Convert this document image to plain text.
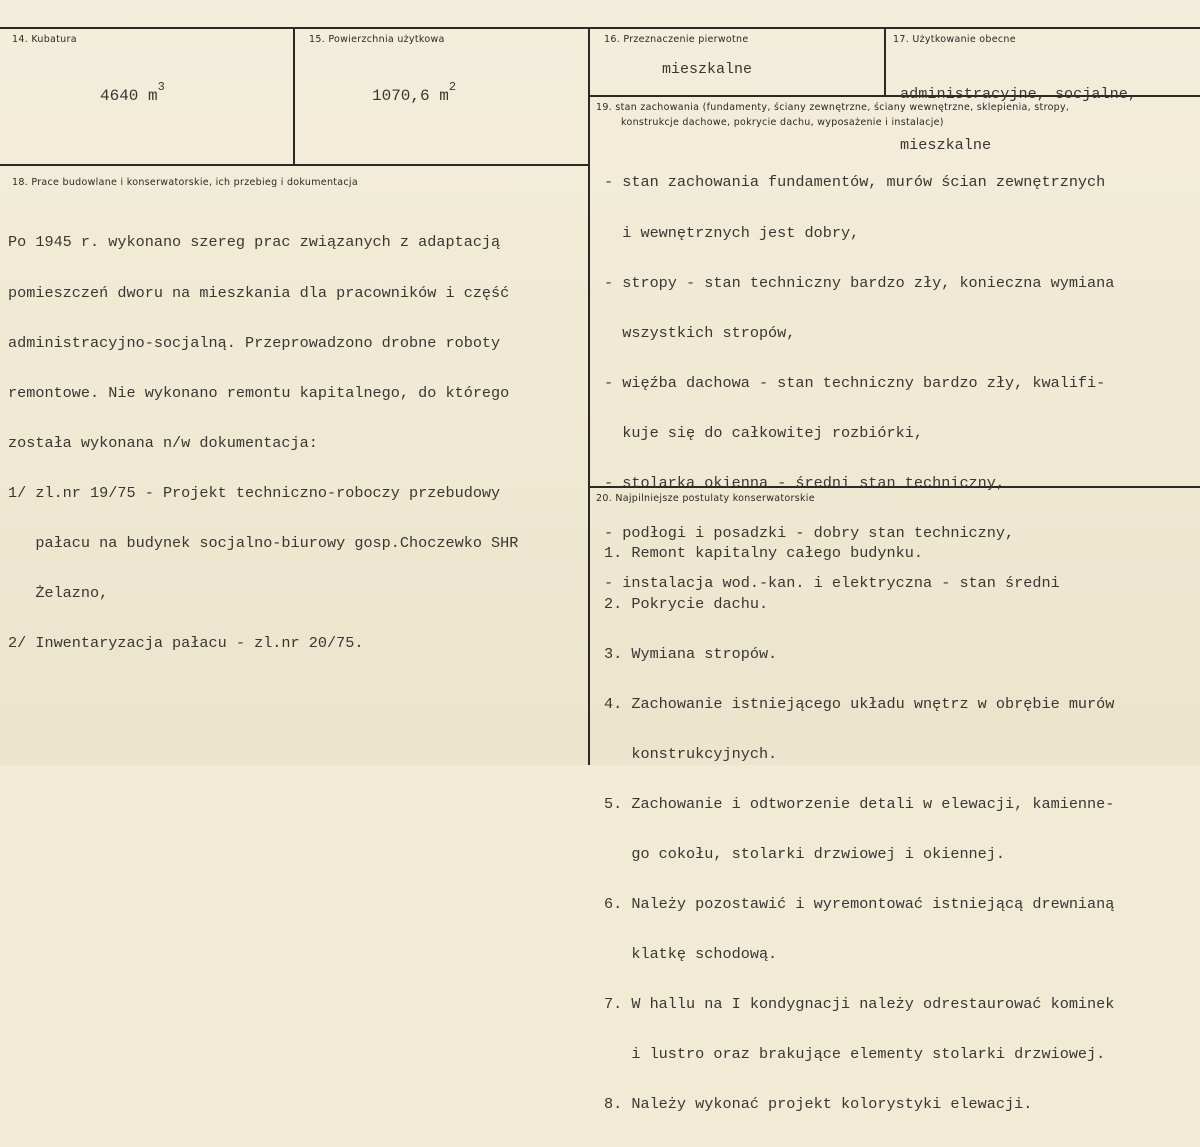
14. Kubatura
4640 $m^3$
15. Powierzchnia użytkowa
1070,6 $m^2$
16. Przeznaczenie pierwotne
mieszkalne
17. Użytkowanie obecne

administracyjne, socjalne,

mieszkalne

18. Prace budowlane i konserwatorskie, ich przebieg i dokumentacja

Po 1945 r. wykonano szereg prac związanych z adaptacją

pomieszczeń dworu na mieszkania dla pracowników i część

administracyjno-socjalną. Przeprowadzono drobne roboty

remontowe. Nie wykonano remontu kapitalnego, do którego

została wykonana n/w dokumentacja:

1/ zl.nr 19/75 - Projekt techniczno-roboczy przebudowy

pałacu na budynek socjalno-biurowy gosp.Choczewko SHR

Żelazno,

2/ Inwentaryzacja pałacu - zl.nr 20/75.

19. stan zachowania (fundamenty, ściany zewnętrzne, ściany wewnętrzne, sklepienia, stropy,
konstrukcje dachowe, pokrycie dachu, wyposażenie i instalacje)

- stan zachowania fundamentów, murów ścian zewnętrznych

i wewnętrznych jest dobry,

- stropy - stan techniczny bardzo zły, konieczna wymiana

wszystkich stropów,

- więźba dachowa - stan techniczny bardzo zły, kwalifi-

kuje się do całkowitej rozbiórki,

- stolarka okienna - średni stan techniczny,

- podłogi i posadzki - dobry stan techniczny,

- instalacja wod.-kan. i elektryczna - stan średni

20. Najpilniejsze postulaty konserwatorskie

1. Remont kapitalny całego budynku.

2. Pokrycie dachu.

3. Wymiana stropów.

4. Zachowanie istniejącego układu wnętrz w obrębie murów

konstrukcyjnych.

5. Zachowanie i odtworzenie detali w elewacji, kamienne-

go cokołu, stolarki drzwiowej i okiennej.

6. Należy pozostawić i wyremontować istniejącą drewnianą

klatkę schodową.

7. W hallu na I kondygnacji należy odrestaurować kominek

i lustro oraz brakujące elementy stolarki drzwiowej.

8. Należy wykonać projekt kolorystyki elewacji.
